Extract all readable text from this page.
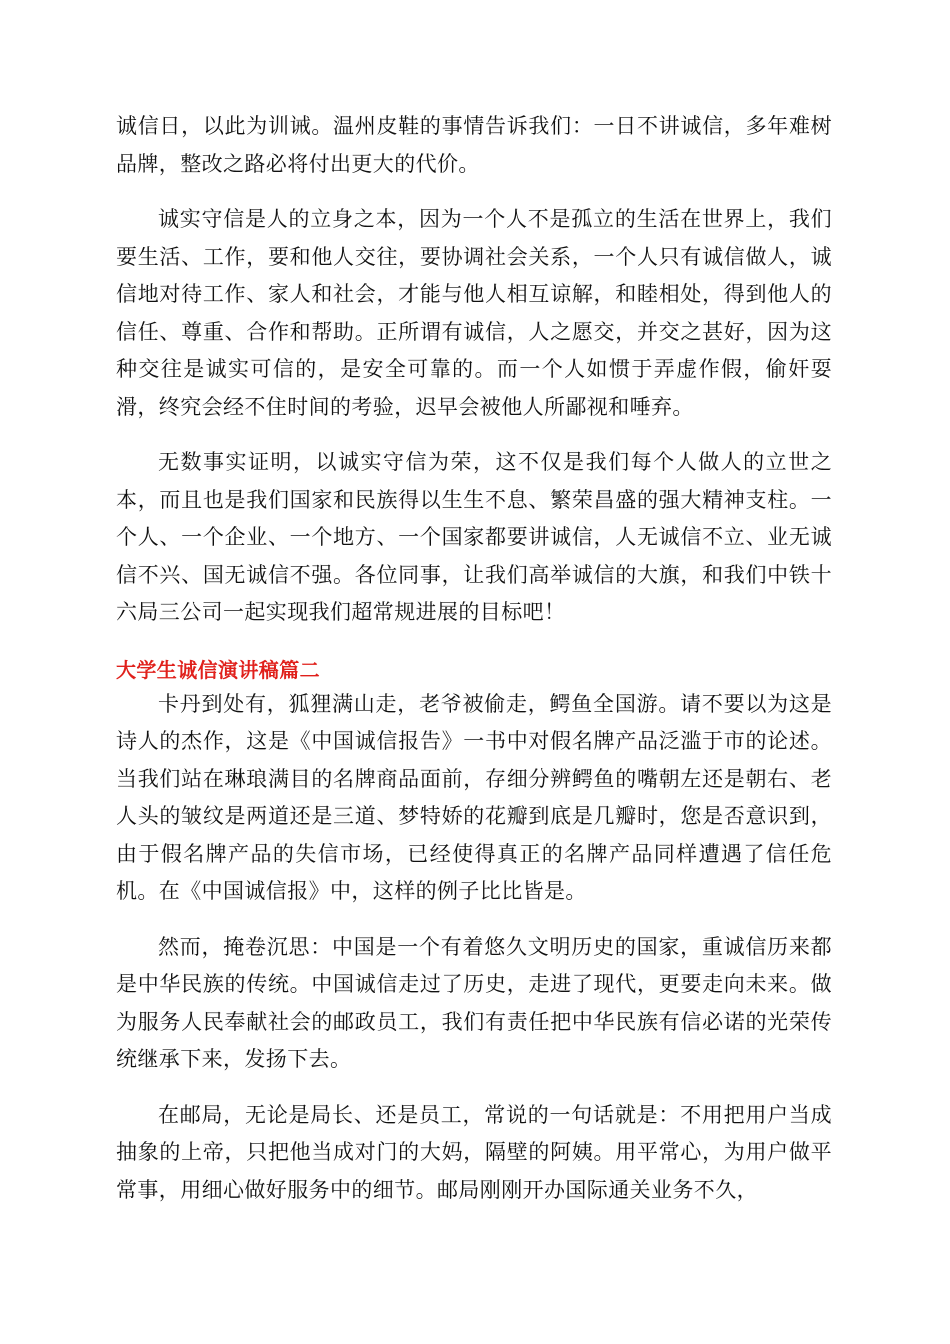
诚信日，以此为训诫。温州皮鞋的事情告诉我们：一日不讲诚信，多年难树品牌，整改之路必将付出更大的代价。

诚实守信是人的立身之本，因为一个人不是孤立的生活在世界上，我们要生活、工作，要和他人交往，要协调社会关系，一个人只有诚信做人，诚信地对待工作、家人和社会，才能与他人相互谅解，和睦相处，得到他人的信任、尊重、合作和帮助。正所谓有诚信，人之愿交，并交之甚好，因为这种交往是诚实可信的，是安全可靠的。而一个人如惯于弄虚作假，偷奸耍滑，终究会经不住时间的考验，迟早会被他人所鄙视和唾弃。

无数事实证明，以诚实守信为荣，这不仅是我们每个人做人的立世之本，而且也是我们国家和民族得以生生不息、繁荣昌盛的强大精神支柱。一个人、一个企业、一个地方、一个国家都要讲诚信，人无诚信不立、业无诚信不兴、国无诚信不强。各位同事，让我们高举诚信的大旗，和我们中铁十六局三公司一起实现我们超常规进展的目标吧！

大学生诚信演讲稿篇二

卡丹到处有，狐狸满山走，老爷被偷走，鳄鱼全国游。请不要以为这是诗人的杰作，这是《中国诚信报告》一书中对假名牌产品泛滥于市的论述。当我们站在琳琅满目的名牌商品面前，存细分辨鳄鱼的嘴朝左还是朝右、老人头的皱纹是两道还是三道、梦特娇的花瓣到底是几瓣时，您是否意识到，由于假名牌产品的失信市场，已经使得真正的名牌产品同样遭遇了信任危机。在《中国诚信报》中，这样的例子比比皆是。

然而，掩卷沉思：中国是一个有着悠久文明历史的国家，重诚信历来都是中华民族的传统。中国诚信走过了历史，走进了现代，更要走向未来。做为服务人民奉献社会的邮政员工，我们有责任把中华民族有信必诺的光荣传统继承下来，发扬下去。

在邮局，无论是局长、还是员工，常说的一句话就是：不用把用户当成抽象的上帝，只把他当成对门的大妈，隔壁的阿姨。用平常心，为用户做平常事，用细心做好服务中的细节。邮局刚刚开办国际通关业务不久，
